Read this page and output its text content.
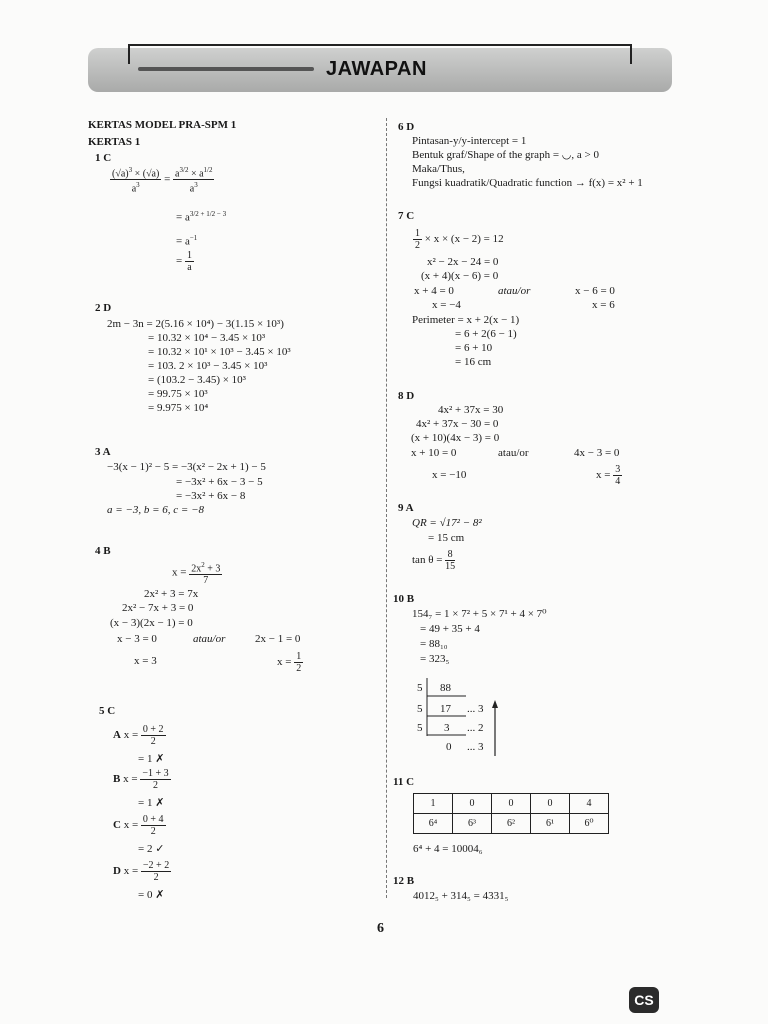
JAWAPAN
KERTAS MODEL PRA-SPM 1
KERTAS 1
1 C
$\frac{(√a)^3 \times (√a)}{a^3} = \frac{a^{3/2} \times a^{1/2}}{a^3}$
= $a^{3/2 + 1/2 - 3}$
= $a^{-1}$
= $\frac{1}{a}$
2 D
2m − 3n = 2(5.16 × 10⁴) − 3(1.15 × 10³)
= 10.32 × 10⁴ − 3.45 × 10³
= 10.32 × 10¹ × 10³ − 3.45 × 10³
= 103. 2 × 10³ − 3.45 × 10³
= (103.2 − 3.45) × 10³
= 99.75 × 10³
= 9.975 × 10⁴
3 A
−3(x − 1)² − 5 = −3(x² − 2x + 1) − 5
= −3x² + 6x − 3 − 5
= −3x² + 6x − 8
a = −3, b = 6, c = −8
4 B
$x = \frac{2x^2 + 3}{7}$
2x² + 3 = 7x
2x² − 7x + 3 = 0
(x − 3)(2x − 1) = 0
x − 3 = 0	atau/or	2x − 1 = 0
x = 3	$x = \frac{1}{2}$
5 C
A $x = \frac{0 + 2}{2}$
= 1 ✗
B $x = \frac{-1 + 3}{2}$
= 1 ✗
C $x = \frac{0 + 4}{2}$
= 2 ✓
D $x = \frac{-2 + 2}{2}$
= 0 ✗
6 D
Pintasan-y/y-intercept = 1
Bentuk graf/Shape of the graph = ◡, a > 0
Maka/Thus,
Fungsi kuadratik/Quadratic function → f(x) = x² + 1
7 C
$\frac{1}{2} \times x \times (x - 2) = 12$
x² − 2x − 24 = 0
(x + 4)(x − 6) = 0
x + 4 = 0	atau/or	x − 6 = 0
x = −4	x = 6
Perimeter = x + 2(x − 1)
= 6 + 2(6 − 1)
= 6 + 10
= 16 cm
8 D
4x² + 37x = 30
4x² + 37x − 30 = 0
(x + 10)(4x − 3) = 0
x + 10 = 0	atau/or	4x − 3 = 0
x = −10	$x = \frac{3}{4}$
9 A
QR = √17² − 8²
= 15 cm
$\tan \theta = \frac{8}{15}$
10 B
154₇ = 1 × 7² + 5 × 7¹ + 4 × 7⁰
= 49 + 35 + 4
= 88₁₀
= 323₅
5 88
5 17 ... 3
5 3 ... 2
0 ... 3
11 C
1	0	0	0	4
6⁴	6³	6²	6¹	6⁰
6⁴ + 4 = 10004₆
12 B
4012₅ + 314₅ = 4331₅
6
CS
